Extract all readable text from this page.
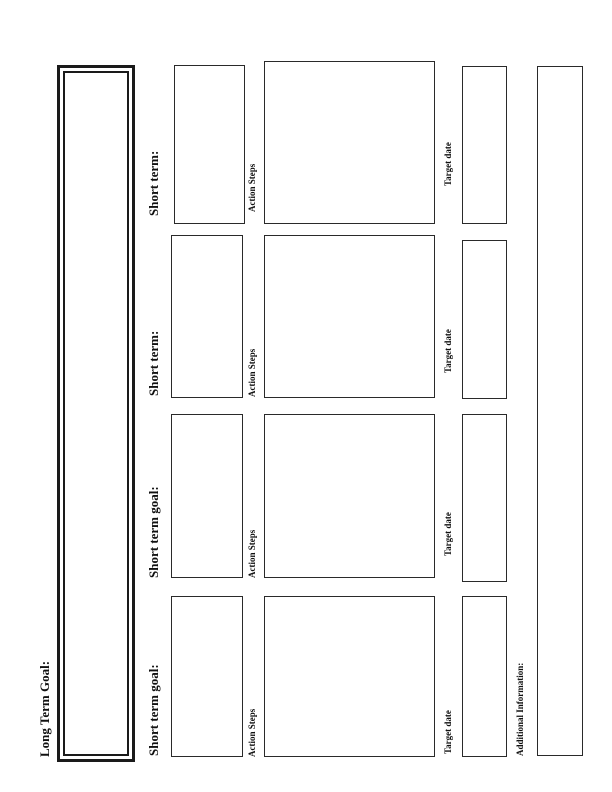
Long Term Goal:	Short term goal:	Action Steps	Target date
Short term goal:	Action Steps	Target date
Short term:	Action Steps	Target date
Short term:	Action Steps	Target date
Additional Information:
